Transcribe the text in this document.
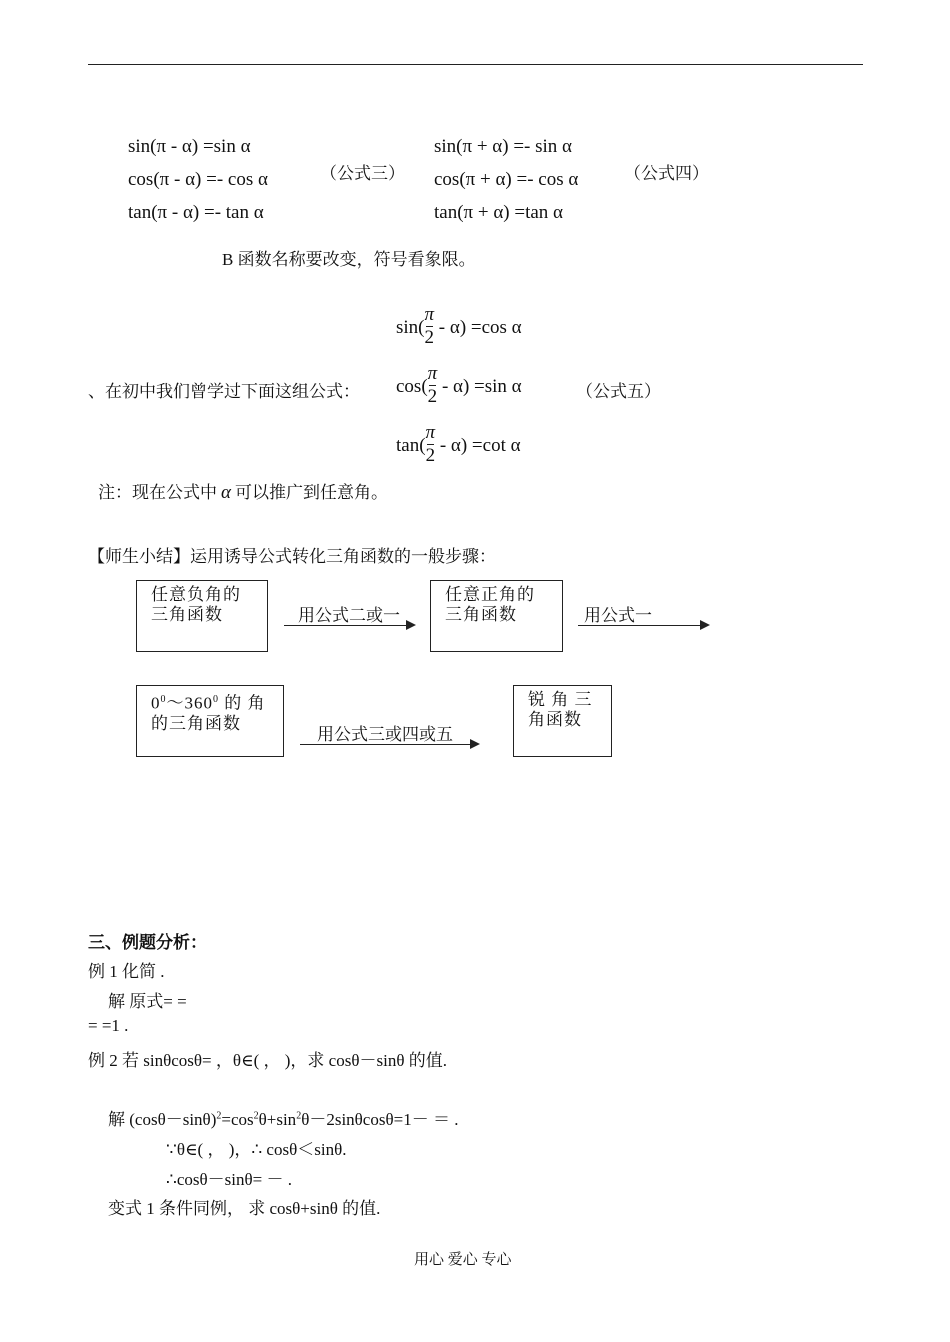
sin(π - α) =sin α
cos(π - α) =- cos α
tan(π - α) =- tan α
（公式三）
sin(π + α) =- sin α
cos(π + α) =- cos α
tan(π + α) =tan α
（公式四）
B 函数名称要改变，符号看象限。
$\sin( \frac{\pi}{2} - \alpha) =\cos$ α
、在初中我们曾学过下面这组公式： $\cos( \frac{\pi}{2} - \alpha) =\sin$ α	（公式五）
$\tan( \frac{\pi}{2} - \alpha) =\cot$ α
注：现在公式中 α 可以推广到任意角。
【师生小结】运用诱导公式转化三角函数的一般步骤：
任意负角的三角函数	用公式二或一
任意正角的三角函数	用公式一
$0^0\sim 360^0$ 的 角的三角函数
用公式三或四或五
锐 角 三角函数
三、例题分析：
例 1 化简 .
解 原式= =
= =1 .
例 2 若 sinθcosθ= ，θ∈( ， )，求 cosθ－sinθ 的值.
解 $(\cos\theta-\sin\theta)^2=\cos^2\theta+\sin^2\theta-2\sin\theta\cos\theta=1-$ ＝ .
∵θ∈( ， )，∴ cosθ＜sinθ.
∴cosθ－sinθ= － .
变式 1 条件同例， 求 cosθ+sinθ 的值.
用心 爱心 专心
